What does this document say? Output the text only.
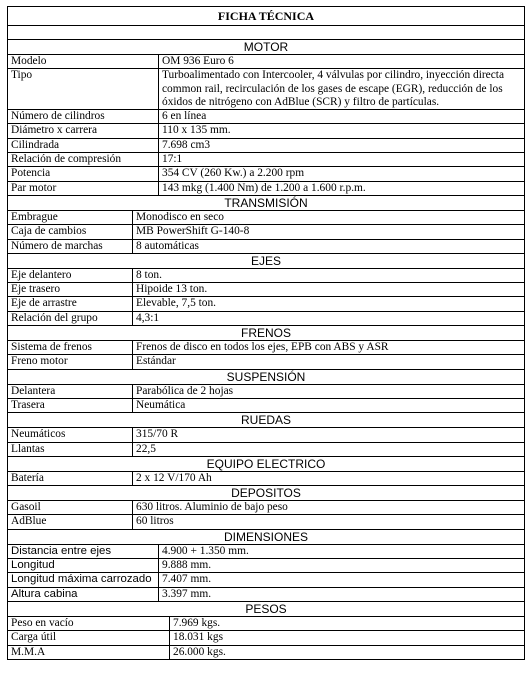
FICHA TÉCNICA
MOTOR
Modelo	OM 936 Euro 6
Tipo	Turboalimentado con Intercooler, 4 válvulas por cilindro, inyección directa common rail, recirculación de los gases de escape (EGR), reducción de los óxidos de nitrógeno con AdBlue (SCR) y filtro de partículas.
Número de cilindros	6 en línea
Diámetro x carrera	110 x 135 mm.
Cilindrada	7.698 cm3
Relación de compresión	17:1
Potencia	354 CV (260 Kw.) a 2.200 rpm
Par motor	143 mkg (1.400 Nm) de 1.200 a 1.600 r.p.m.
TRANSMISIÓN
Embrague	Monodisco en seco
Caja de cambios	MB PowerShift G-140-8
Número de marchas	8 automáticas
EJES
Eje delantero	8 ton.
Eje trasero	Hipoide 13 ton.
Eje de arrastre	Elevable, 7,5 ton.
Relación del grupo	4,3:1
FRENOS
Sistema de frenos	Frenos de disco en todos los ejes, EPB con ABS y ASR
Freno motor	Estándar
SUSPENSIÓN
Delantera	Parabólica de 2 hojas
Trasera	Neumática
RUEDAS
Neumáticos	315/70 R
Llantas	22,5
EQUIPO ELECTRICO
Batería	2 x 12 V/170 Ah
DEPOSITOS
Gasoil	630 litros. Aluminio de bajo peso
AdBlue	60 litros
DIMENSIONES
Distancia entre ejes	4.900 + 1.350 mm.
Longitud	9.888 mm.
Longitud máxima carrozado 7.407 mm.
Altura cabina	3.397 mm.
PESOS
Peso en vacío	7.969 kgs.
Carga útil	18.031 kgs
M.M.A	26.000 kgs.
